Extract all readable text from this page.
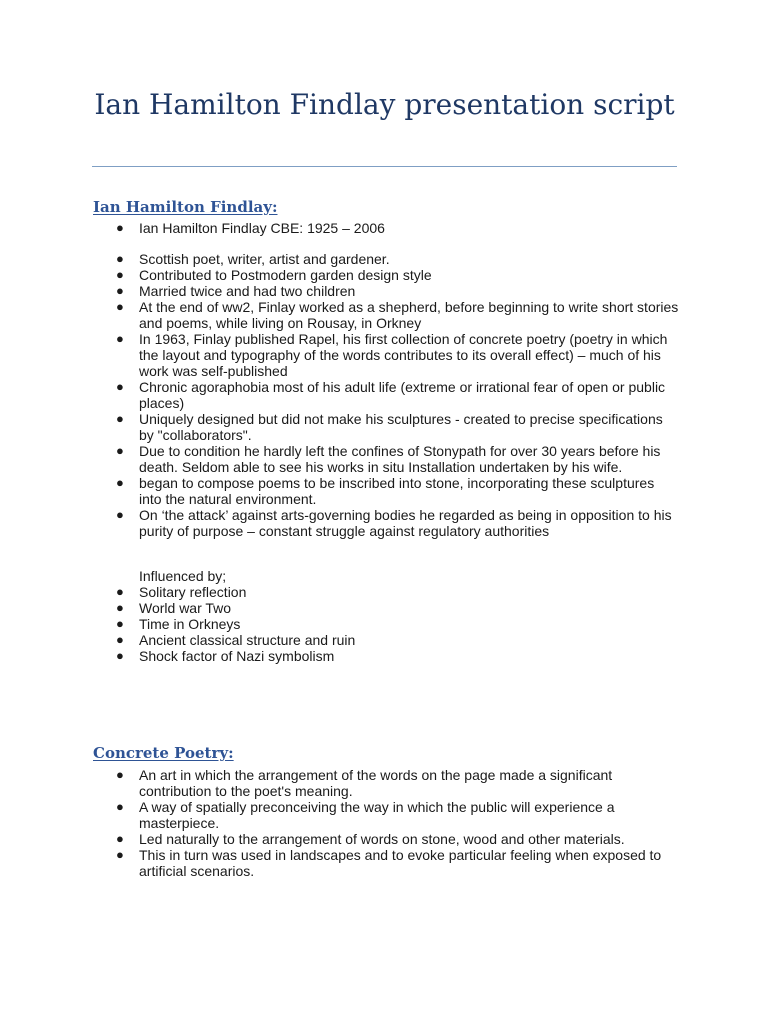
Ian Hamilton Findlay presentation script
Ian Hamilton Findlay:
● Ian Hamilton Findlay CBE: 1925 – 2006
● Scottish poet, writer, artist and gardener.
● Contributed to Postmodern garden design style
● Married twice and had two children
● At the end of ww2, Finlay worked as a shepherd, before beginning to write short stories and poems, while living on Rousay, in Orkney
● In 1963, Finlay published Rapel, his first collection of concrete poetry (poetry in which the layout and typography of the words contributes to its overall effect) – much of his work was self-published
● Chronic agoraphobia most of his adult life (extreme or irrational fear of open or public places)
● Uniquely designed but did not make his sculptures - created to precise specifications by "collaborators".
● Due to condition he hardly left the confines of Stonypath for over 30 years before his death. Seldom able to see his works in situ Installation undertaken by his wife.
● began to compose poems to be inscribed into stone, incorporating these sculptures into the natural environment.
● On ‘the attack’ against arts-governing bodies he regarded as being in opposition to his purity of purpose – constant struggle against regulatory authorities

Influenced by;

● Solitary reflection
● World war Two
● Time in Orkneys
● Ancient classical structure and ruin
● Shock factor of Nazi symbolism
Concrete Poetry:
● An art in which the arrangement of the words on the page made a significant contribution to the poet's meaning.
● A way of spatially preconceiving the way in which the public will experience a masterpiece.
● Led naturally to the arrangement of words on stone, wood and other materials.
● This in turn was used in landscapes and to evoke particular feeling when exposed to artificial scenarios.
